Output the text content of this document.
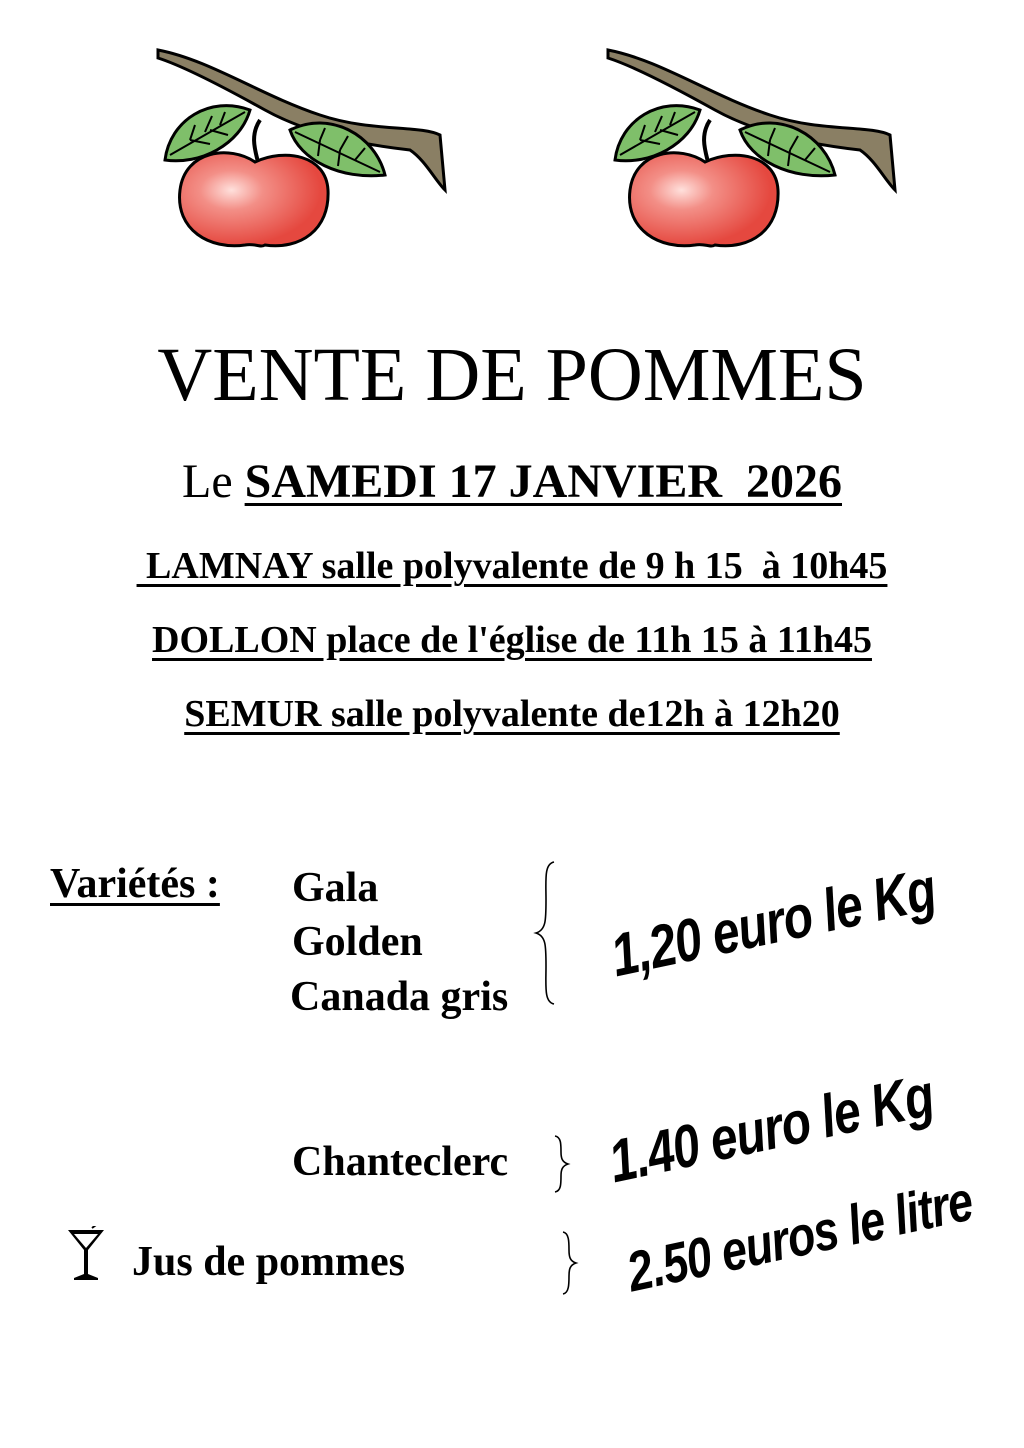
VENTE DE POMMES
Le SAMEDI 17 JANVIER  2026
LAMNAY salle polyvalente de 9 h 15  à 10h45
DOLLON place de l'église de 11h 15 à 11h45
SEMUR salle polyvalente de12h à 12h20
Variétés : Gala
Golden
Canada gris
1,20 euro le Kg
Chanteclerc 1.40 euro le Kg
Jus de pommes	2.50 euros le litre
